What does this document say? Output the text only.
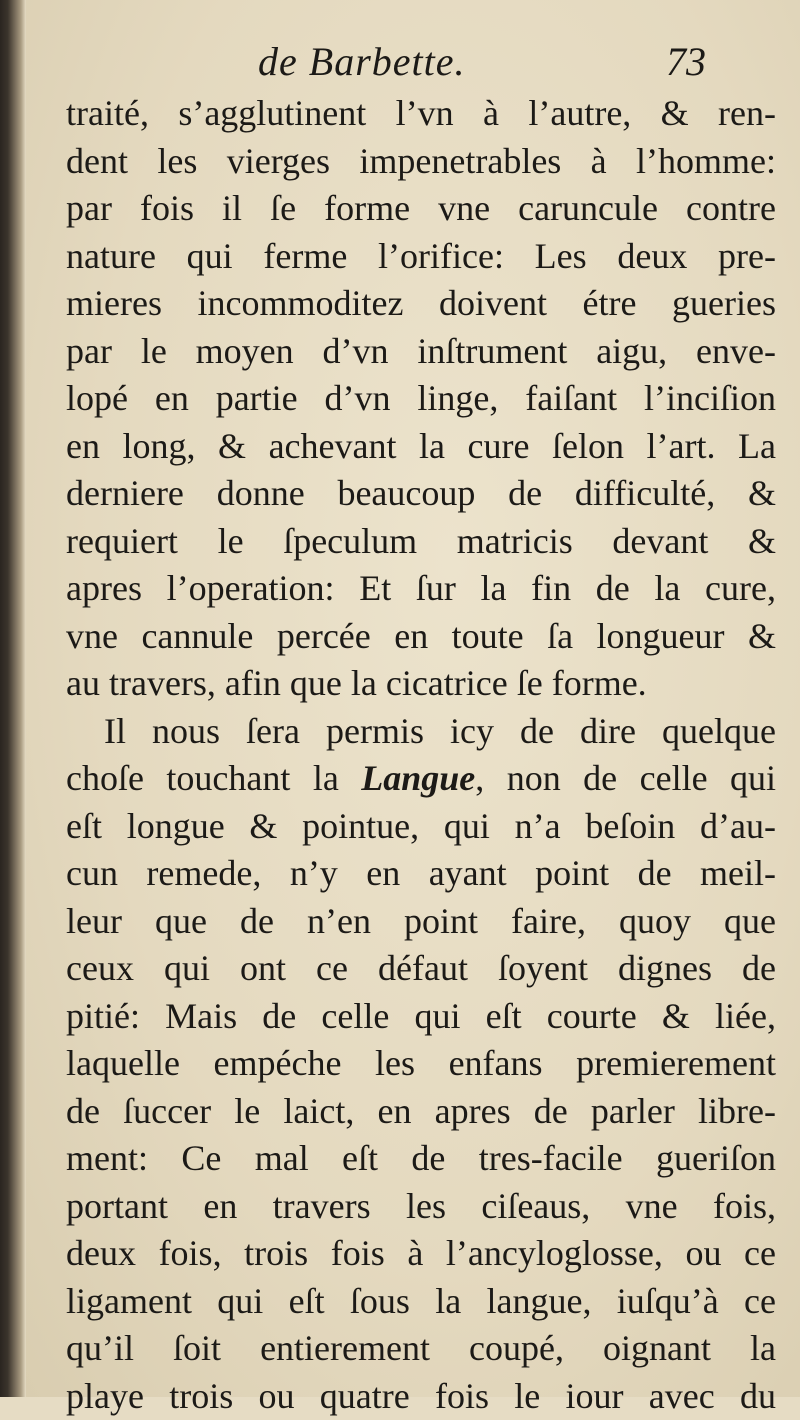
de Barbette.	73
traité, s’agglutinent l’vn à l’autre, & ren-
dent les vierges impenetrables à l’homme:
par fois il ſe forme vne caruncule contre
nature qui ferme l’orifice: Les deux pre-
mieres incommoditez doivent étre gueries
par le moyen d’vn inſtrument aigu, enve-
lopé en partie d’vn linge, faiſant l’inciſion
en long, & achevant la cure ſelon l’art. La
derniere donne beaucoup de difficulté, &
requiert le ſpeculum matricis devant &
apres l’operation: Et ſur la fin de la cure,
vne cannule percée en toute ſa longueur &
au travers, afin que la cicatrice ſe forme.
Il nous ſera permis icy de dire quelque
choſe touchant la Langue, non de celle qui
eſt longue & pointue, qui n’a beſoin d’au-
cun remede, n’y en ayant point de meil-
leur que de n’en point faire, quoy que
ceux qui ont ce défaut ſoyent dignes de
pitié: Mais de celle qui eſt courte & liée,
laquelle empéche les enfans premierement
de ſuccer le laict, en apres de parler libre-
ment: Ce mal eſt de tres-facile gueriſon
portant en travers les ciſeaus, vne fois,
deux fois, trois fois à l’ancyloglosse, ou ce
ligament qui eſt ſous la langue, iuſqu’à ce
qu’il ſoit entierement coupé, oignant la
playe trois ou quatre fois le iour avec du
